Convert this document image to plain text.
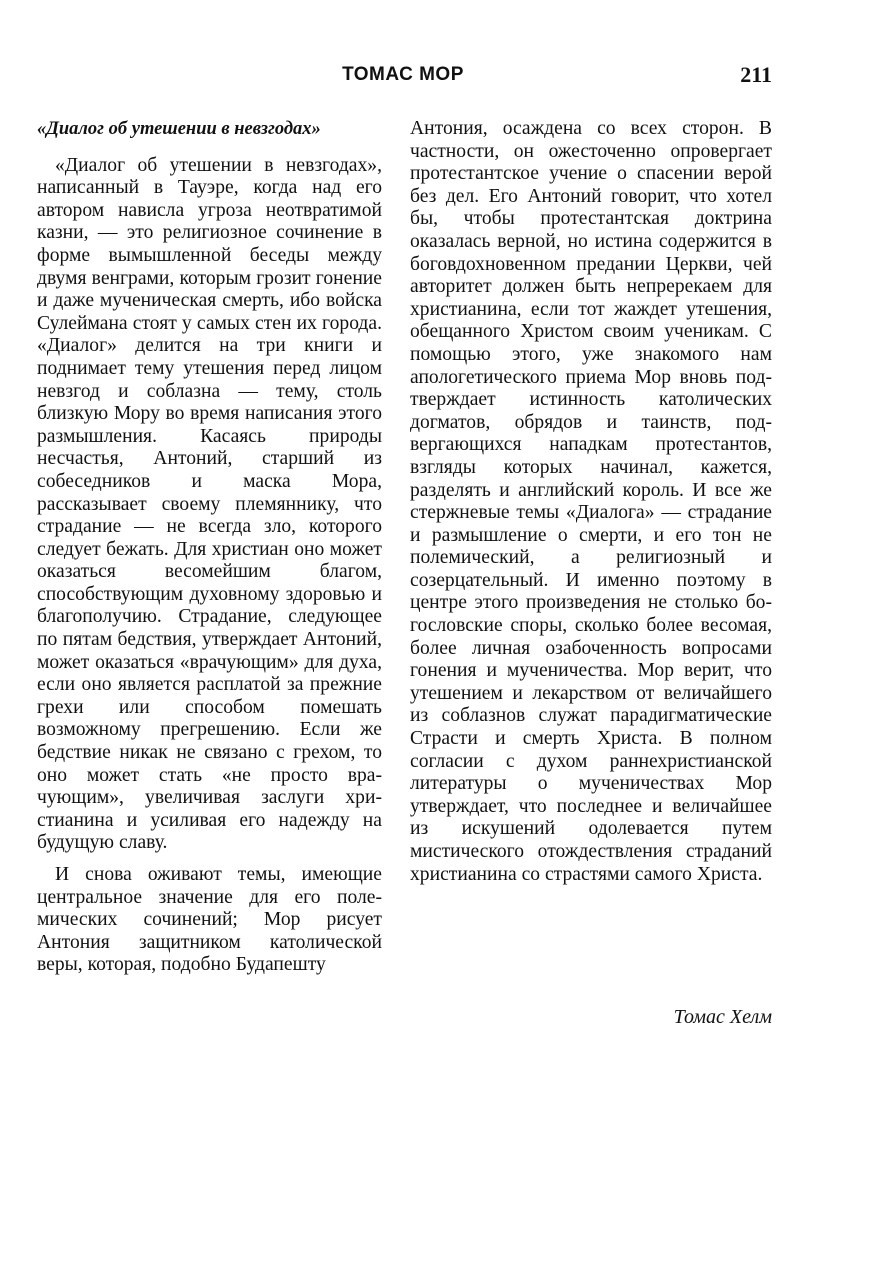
ТОМАС МОР	211
«Диалог об утешении в невзгодах»

«Диалог об утешении в невзгодах», написанный в Тауэре, когда над его автором нависла угроза неотвратимой казни, — это религиозное сочинение в форме вымышленной беседы между двумя венграми, которым грозит гонение и даже мученическая смерть, ибо войска Сулеймана стоят у самых стен их города. «Диалог» делится на три книги и поднимает тему утешения перед лицом невзгод и соблазна — тему, столь близкую Мору во время написания этого размышления. Касаясь природы несчастья, Антоний, старший из собеседников и маска Мора, рассказывает своему племяннику, что страдание — не всегда зло, которого следует бежать. Для христиан оно может оказаться весомейшим благом, способствующим духовному здоровью и благополучию. Страдание, следующее по пятам бедствия, утверждает Антоний, может оказаться «врачующим» для духа, если оно является расплатой за прежние грехи или способом помешать возможному прегрешению. Если же бедствие никак не связано с грехом, то оно может стать «не просто врачующим», увеличивая заслуги христианина и усиливая его надежду на будущую славу.

И снова оживают темы, имеющие центральное значение для его полемических сочинений; Мор рисует Антония защитником католической веры, которая, подобно Будапешту

Антония, осаждена со всех сторон. В частности, он ожесточенно опровергает протестантское учение о спасении верой без дел. Его Антоний говорит, что хотел бы, чтобы протестантская доктрина оказалась верной, но истина содержится в боговдохновенном предании Церкви, чей авторитет должен быть непререкаем для христианина, если тот жаждет утешения, обещанного Христом своим ученикам. С помощью этого, уже знакомого нам апологетического приема Мор вновь подтверждает истинность католических догматов, обрядов и таинств, подвергающихся нападкам протестантов, взгляды которых начинал, кажется, разделять и английский король. И все же стержневые темы «Диалога» — страдание и размышление о смерти, и его тон не полемический, а религиозный и созерцательный. И именно поэтому в центре этого произведения не столько богословские споры, сколько более весомая, более личная озабоченность вопросами гонения и мученичества. Мор верит, что утешением и лекарством от величайшего из соблазнов служат парадигматические Страсти и смерть Христа. В полном согласии с духом раннехристианской литературы о мученичествах Мор утверждает, что последнее и величайшее из искушений одолевается путем мистического отождествления страданий христианина со страстями самого Христа.

Томас Хелм
